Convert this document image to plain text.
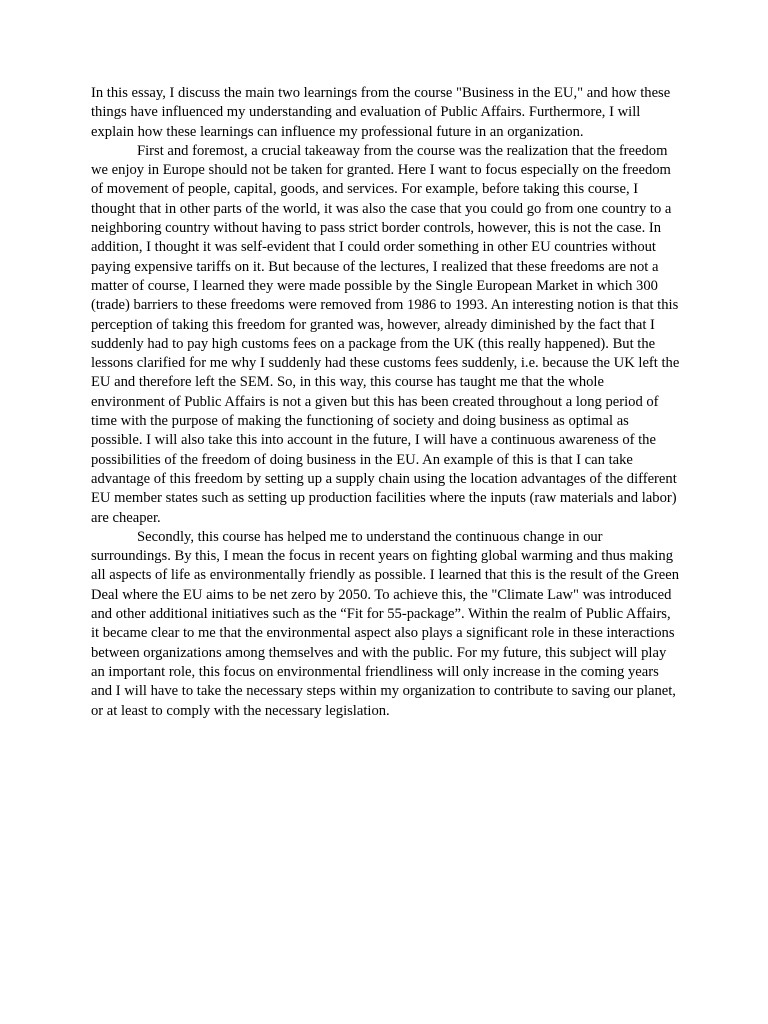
In this essay, I discuss the main two learnings from the course "Business in the EU," and how these things have influenced my understanding and evaluation of Public Affairs. Furthermore, I will explain how these learnings can influence my professional future in an organization.

First and foremost, a crucial takeaway from the course was the realization that the freedom we enjoy in Europe should not be taken for granted. Here I want to focus especially on the freedom of movement of people, capital, goods, and services. For example, before taking this course, I thought that in other parts of the world, it was also the case that you could go from one country to a neighboring country without having to pass strict border controls, however, this is not the case. In addition, I thought it was self-evident that I could order something in other EU countries without paying expensive tariffs on it. But because of the lectures, I realized that these freedoms are not a matter of course, I learned they were made possible by the Single European Market in which 300 (trade) barriers to these freedoms were removed from 1986 to 1993. An interesting notion is that this perception of taking this freedom for granted was, however, already diminished by the fact that I suddenly had to pay high customs fees on a package from the UK (this really happened). But the lessons clarified for me why I suddenly had these customs fees suddenly, i.e. because the UK left the EU and therefore left the SEM. So, in this way, this course has taught me that the whole environment of Public Affairs is not a given but this has been created throughout a long period of time with the purpose of making the functioning of society and doing business as optimal as possible. I will also take this into account in the future, I will have a continuous awareness of the possibilities of the freedom of doing business in the EU. An example of this is that I can take advantage of this freedom by setting up a supply chain using the location advantages of the different EU member states such as setting up production facilities where the inputs (raw materials and labor) are cheaper.

Secondly, this course has helped me to understand the continuous change in our surroundings. By this, I mean the focus in recent years on fighting global warming and thus making all aspects of life as environmentally friendly as possible. I learned that this is the result of the Green Deal where the EU aims to be net zero by 2050. To achieve this, the "Climate Law" was introduced and other additional initiatives such as the “Fit for 55-package”. Within the realm of Public Affairs, it became clear to me that the environmental aspect also plays a significant role in these interactions between organizations among themselves and with the public. For my future, this subject will play an important role, this focus on environmental friendliness will only increase in the coming years and I will have to take the necessary steps within my organization to contribute to saving our planet, or at least to comply with the necessary legislation.
